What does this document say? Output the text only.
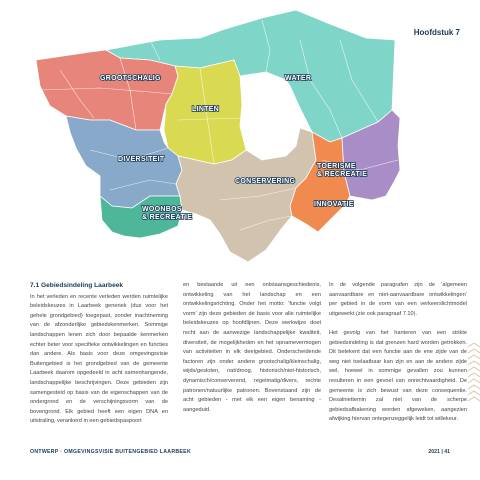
Hoofdstuk 7
GROOTSCHALIG	WATER
LINTEN
DIVERSITEIT
TOERISME & RECREATIE
CONSERVERING
INNOVATIE
WOONBOS & RECREATIE
7.1 Gebiedsindeling Laarbeek

In het verleden en recente verleden werden ruimtelijke beleidskeuzes in Laarbeek generiek (dus voor het gehele grondgebied) toegepast, zonder inachtneming van de afzonderlijke gebiedskenmerken. Sommige landschappen lenen zich door bepaalde kenmerken echter beter voor specifieke ontwikkelingen en functies dan andere. Als basis voor deze omgevingsvisie Buitengebied is het grondgebied van de gemeente Laarbeek daarom opgedeeld in acht samenhangende, landschappelijke beschrijvingen. Deze gebieden zijn samengesteld op basis van de eigenschappen van de ondergrond en de verschijningsvorm van de bovengrond. Elk gebied heeft een eigen DNA en uitstraling, verankerd in een gebiedspaspoort

en bestaande uit een ontstaansgeschiedenis, ontwikkeling van het landschap en een ontwikkelingsrichting. Onder het motto: ‘functie volgt vorm’ zijn deze gebieden de basis voor alle ruimtelijke beleidskeuzes op hoofdlijnen. Deze werkwijze doet recht aan de aanwezige landschappelijke kwaliteit, diversiteit, de mogelijkheden en het opnamevermogen van activiteiten in elk deelgebied. Onderscheidende factoren zijn onder andere grootschalig/kleinschalig, wijds/gesloten, nat/droog, historisch/niet-historisch, dynamisch/conserverend, regelmatig/divers, rechte patronen/natuurlijke patronen. Bovenstaand zijn de acht gebieden - met elk een eigen benaming - aangeduid.

In de volgende paragrafen zijn de ‘algemeen aanvaardbare en niet-aanvaardbare ontwikkelingen’ per gebied in de vorm van een verkeerslichtmodel uitgewerkt (zie ook paragraaf 7.10).

Het gevolg van het hanteren van een strikte gebiedsindeling is dat grenzen hard worden getrokken. Dit betekent dat een functie aan de ene zijde van de weg niet toelaatbaar kan zijn en aan de andere zijde wel, hoewel in sommige gevallen zou kunnen resulteren in een gevoel van onrechtvaardigheid. De gemeente is zich bewust van deze consequentie. Desalniettemin zal niet van de scherpe gebiedsafbakening worden afgeweken, aangezien afwijking hiervan ontegenzeggelijk leidt tot willekeur.

ONTWERP · OMGEVINGSVISIE BUITENGEBIED LAARBEEK	2021 | 41
